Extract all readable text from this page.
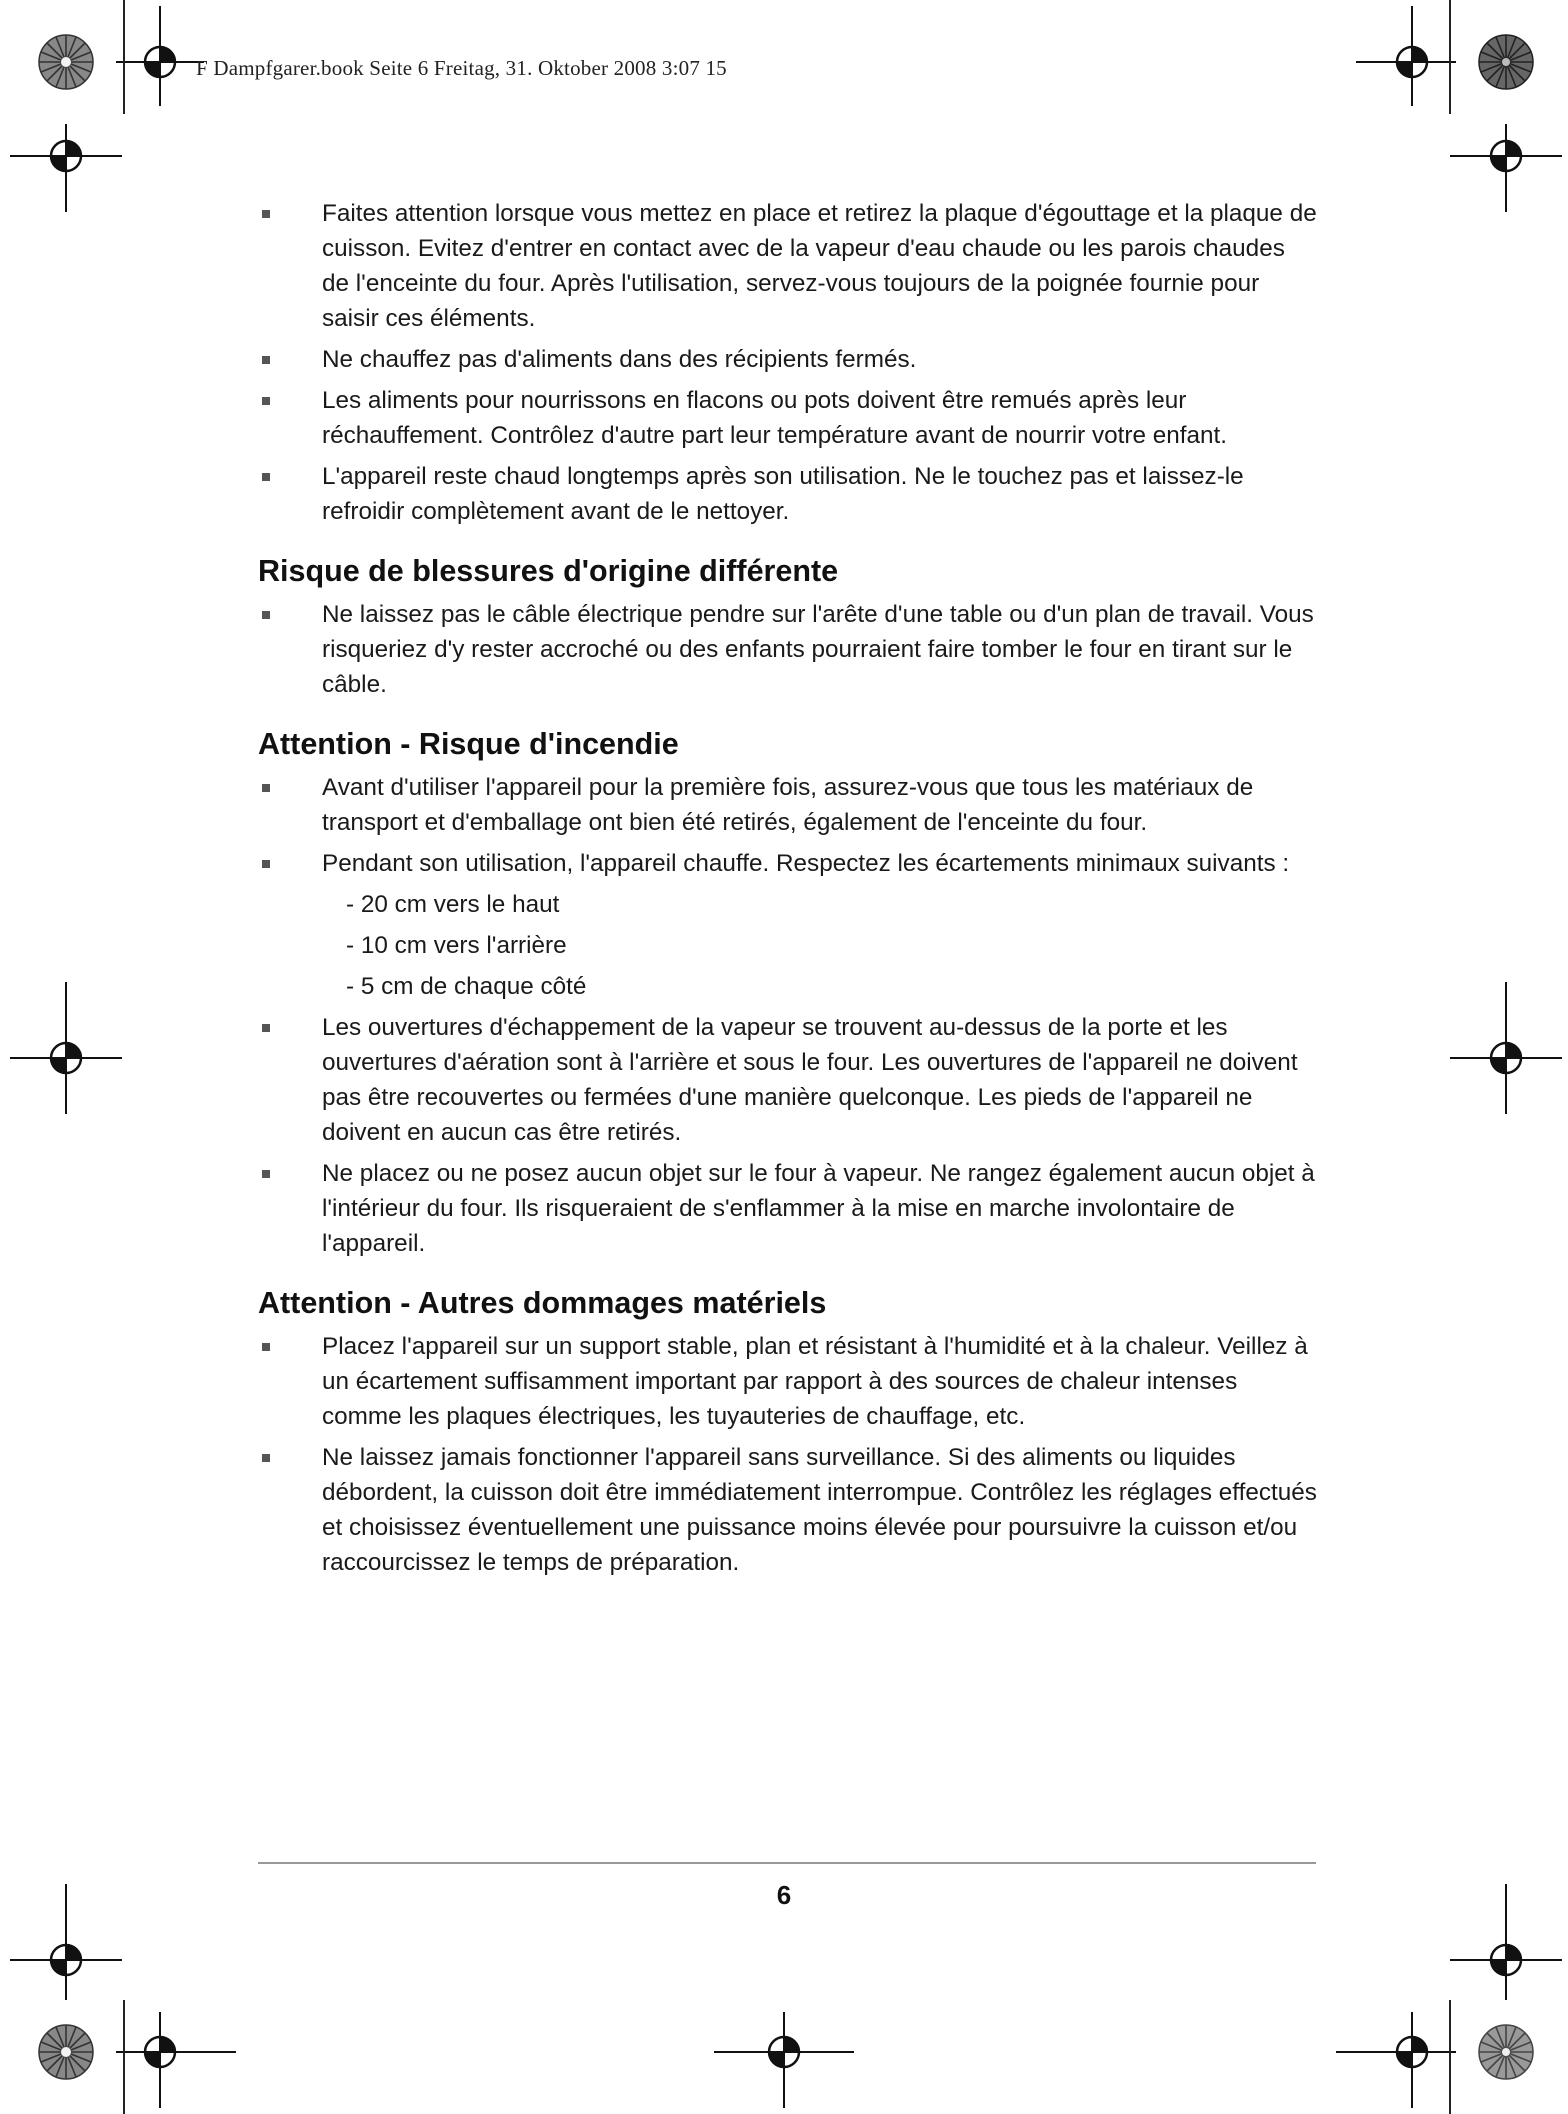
F Dampfgarer.book Seite 6 Freitag, 31. Oktober 2008 3:07 15
Faites attention lorsque vous mettez en place et retirez la plaque d'égouttage et la plaque de cuisson. Evitez d'entrer en contact avec de la vapeur d'eau chaude ou les parois chaudes de l'enceinte du four. Après l'utilisation, servez-vous toujours de la poignée fournie pour saisir ces éléments.
Ne chauffez pas d'aliments dans des récipients fermés.
Les aliments pour nourrissons en flacons ou pots doivent être remués après leur réchauffement. Contrôlez d'autre part leur température avant de nourrir votre enfant.
L'appareil reste chaud longtemps après son utilisation. Ne le touchez pas et laissez-le refroidir complètement avant de le nettoyer.
Risque de blessures d'origine différente
Ne laissez pas le câble électrique pendre sur l'arête d'une table ou d'un plan de travail. Vous risqueriez d'y rester accroché ou des enfants pourraient faire tomber le four en tirant sur le câble.
Attention - Risque d'incendie
Avant d'utiliser l'appareil pour la première fois, assurez-vous que tous les matériaux de transport et d'emballage ont bien été retirés, également de l'enceinte du four.
Pendant son utilisation, l'appareil chauffe. Respectez les écartements minimaux suivants :
- 20 cm vers le haut
- 10 cm vers l'arrière
- 5 cm de chaque côté
Les ouvertures d'échappement de la vapeur se trouvent au-dessus de la porte et les ouvertures d'aération sont à l'arrière et sous le four. Les ouvertures de l'appareil ne doivent pas être recouvertes ou fermées d'une manière quelconque. Les pieds de l'appareil ne doivent en aucun cas être retirés.
Ne placez ou ne posez aucun objet sur le four à vapeur. Ne rangez également aucun objet à l'intérieur du four. Ils risqueraient de s'enflammer à la mise en marche involontaire de l'appareil.
Attention - Autres dommages matériels
Placez l'appareil sur un support stable, plan et résistant à l'humidité et à la chaleur. Veillez à un écartement suffisamment important par rapport à des sources de chaleur intenses comme les plaques électriques, les tuyauteries de chauffage, etc.
Ne laissez jamais fonctionner l'appareil sans surveillance. Si des aliments ou liquides débordent, la cuisson doit être immédiatement interrompue. Contrôlez les réglages effectués et choisissez éventuellement une puissance moins élevée pour poursuivre la cuisson et/ou raccourcissez le temps de préparation.
6
